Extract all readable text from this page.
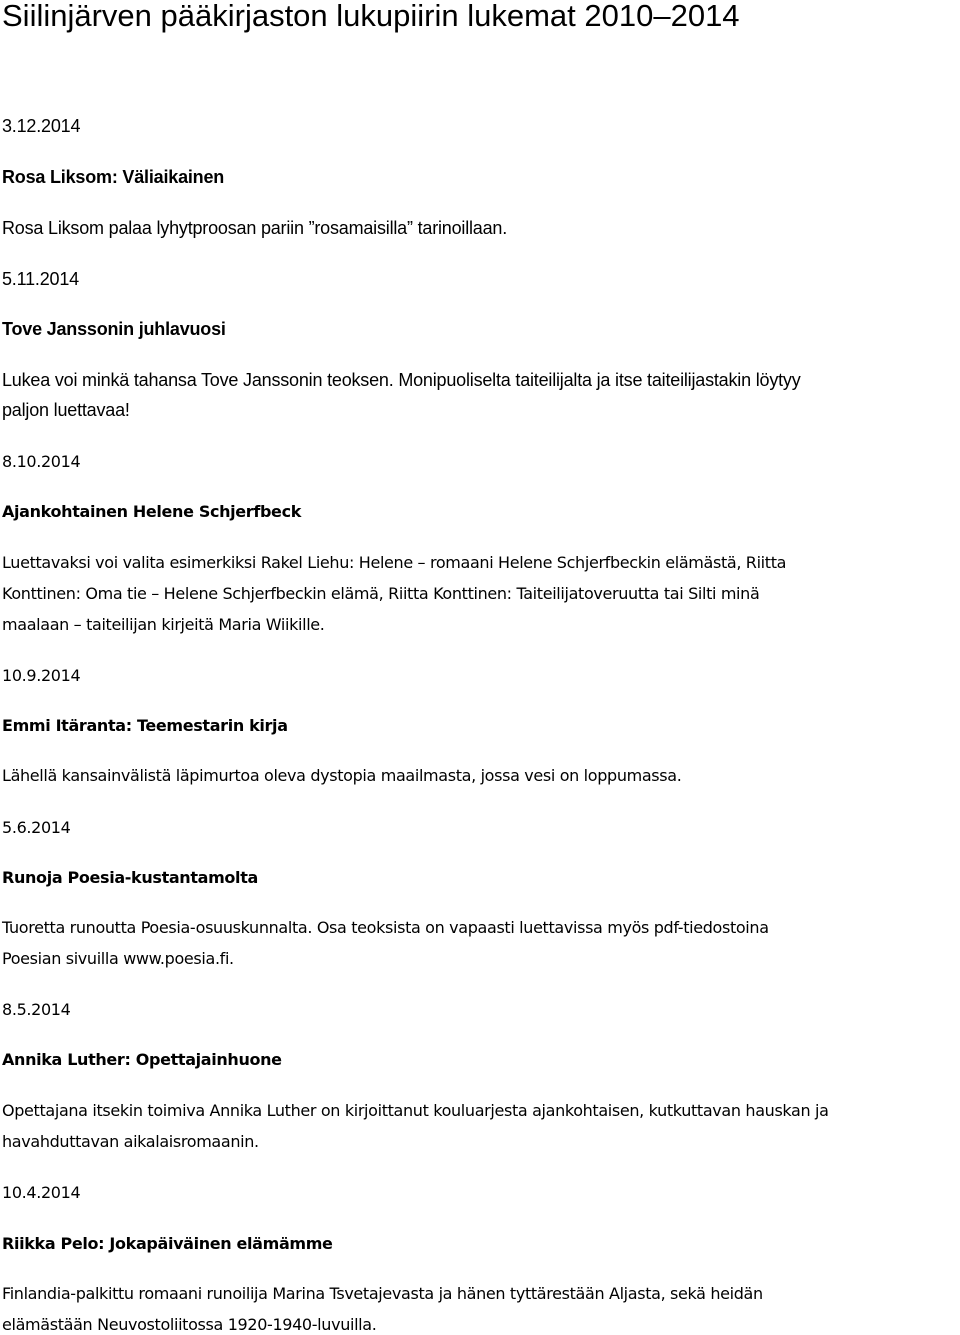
Siilinjärven pääkirjaston lukupiirin lukemat 2010–2014
3.12.2014
Rosa Liksom: Väliaikainen
Rosa Liksom palaa lyhytproosan pariin ”rosamaisilla” tarinoillaan.
5.11.2014
Tove Janssonin juhlavuosi
Lukea voi minkä tahansa Tove Janssonin teoksen. Monipuoliselta taiteilijalta ja itse taiteilijastakin löytyy
paljon luettavaa!
8.10.2014
Ajankohtainen Helene Schjerfbeck
Luettavaksi voi valita esimerkiksi Rakel Liehu: Helene – romaani Helene Schjerfbeckin elämästä, Riitta
Konttinen: Oma tie – Helene Schjerfbeckin elämä, Riitta Konttinen: Taiteilijatoveruutta tai Silti minä
maalaan – taiteilijan kirjeitä Maria Wiikille.
10.9.2014
Emmi Itäranta: Teemestarin kirja
Lähellä kansainvälistä läpimurtoa oleva dystopia maailmasta, jossa vesi on loppumassa.
5.6.2014
Runoja Poesia-kustantamolta
Tuoretta runoutta Poesia-osuuskunnalta. Osa teoksista on vapaasti luettavissa myös pdf-tiedostoina
Poesian sivuilla www.poesia.fi.
8.5.2014
Annika Luther: Opettajainhuone
Opettajana itsekin toimiva Annika Luther on kirjoittanut kouluarjesta ajankohtaisen, kutkuttavan hauskan ja
havahduttavan aikalaisromaanin.
10.4.2014
Riikka Pelo: Jokapäiväinen elämämme
Finlandia-palkittu romaani runoilija Marina Tsvetajevasta ja hänen tyttärestään Aljasta, sekä heidän
elämästään Neuvostoliitossa 1920-1940-luvuilla.
